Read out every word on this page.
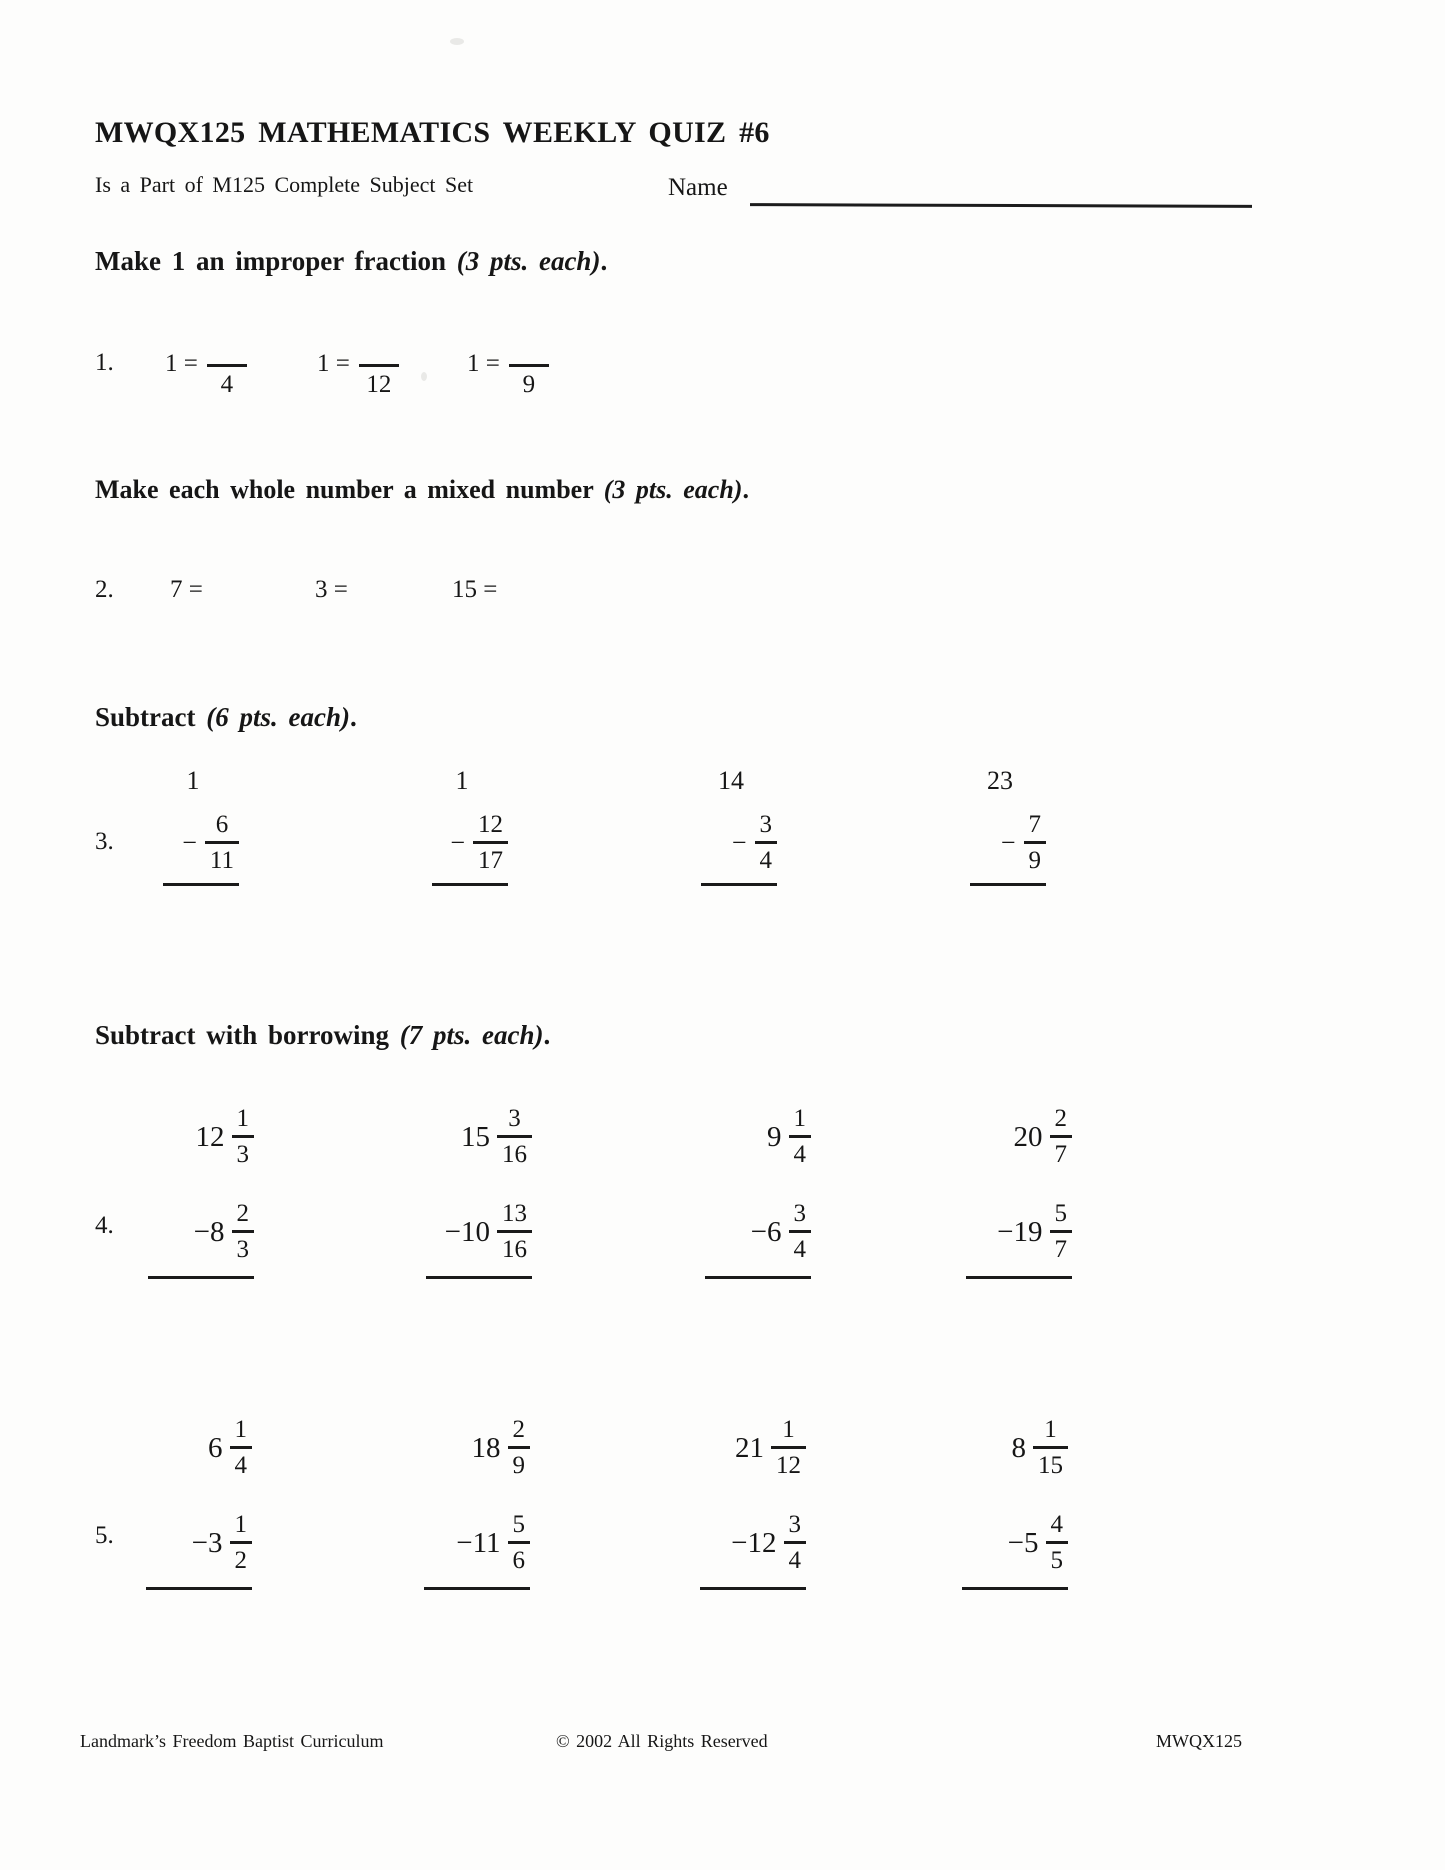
MWQX125 MATHEMATICS WEEKLY QUIZ #6
Is a Part of M125 Complete Subject Set	Name
Make 1 an improper fraction (3 pts. each).
1. 1 =
4
1 =
12
1 =
9
Make each whole number a mixed number (3 pts. each).
2. 7 =	3 =	15 =
Subtract (6 pts. each).
3.
1
− $\frac{6}{11}$
1
− $\frac{12}{17}$
14
− $\frac{3}{4}$
23
− $\frac{7}{9}$
Subtract with borrowing (7 pts. each).
4.
$12 \frac{1}{3}$
$-8 \frac{2}{3}$
$15 \frac{3}{16}$
$-10 \frac{13}{16}$
$9 \frac{1}{4}$
$-6 \frac{3}{4}$
$20 \frac{2}{7}$
$-19 \frac{5}{7}$
5.
$6 \frac{1}{4}$
$-3 \frac{1}{2}$
$18 \frac{2}{9}$
$-11 \frac{5}{6}$
$21 \frac{1}{12}$
$-12 \frac{3}{4}$
$8 \frac{1}{15}$
$-5 \frac{4}{5}$
Landmark’s Freedom Baptist Curriculum	© 2002 All Rights Reserved	MWQX125
